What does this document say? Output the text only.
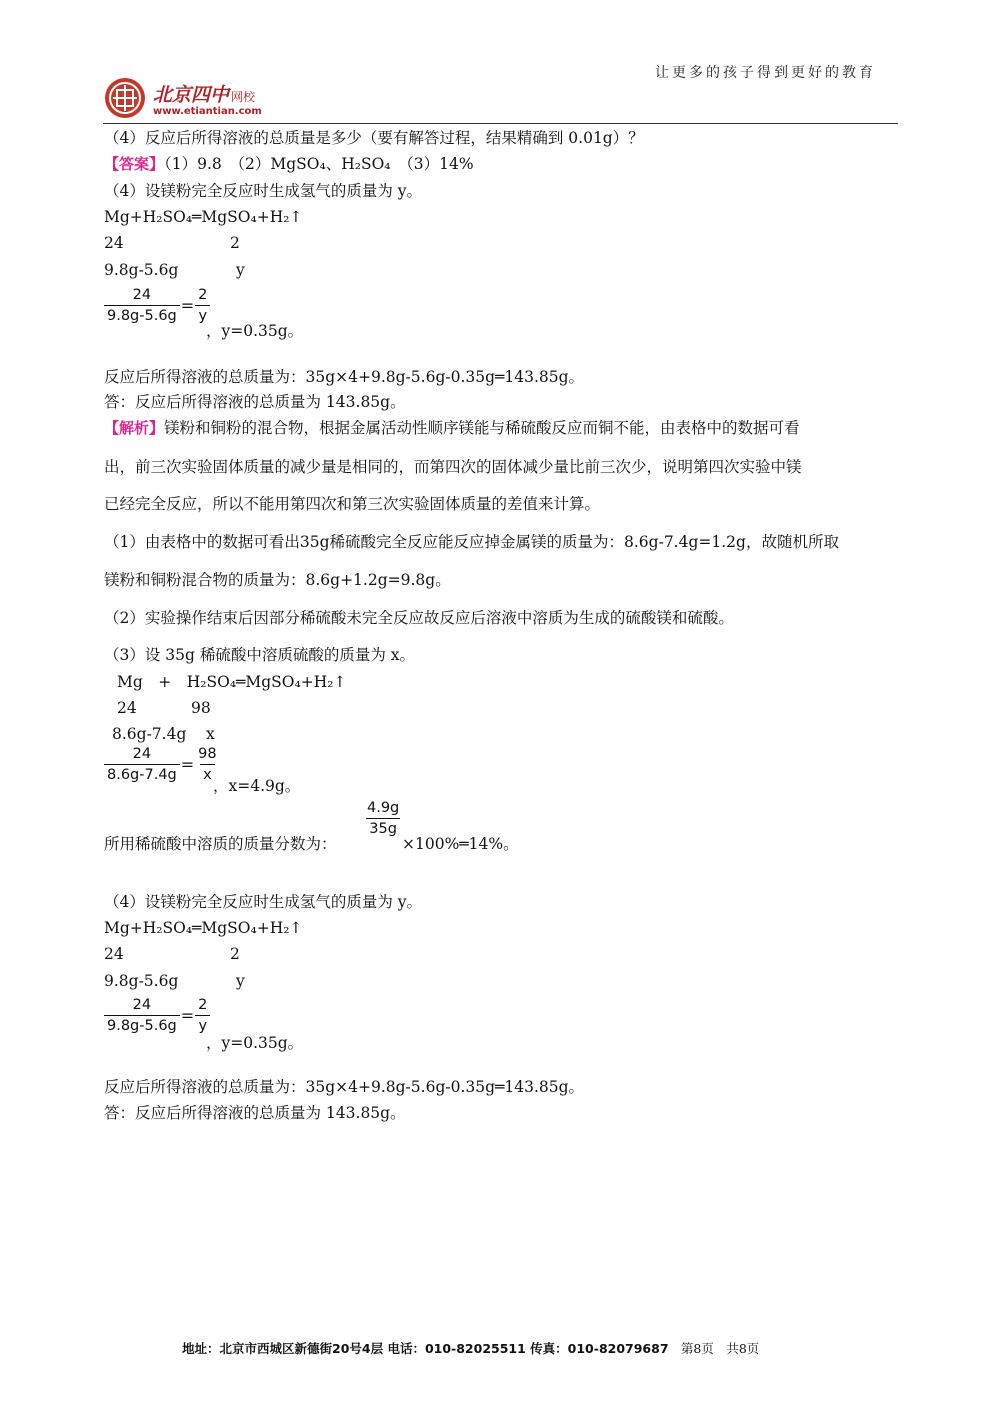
让更多的孩子得到更好的教育
北京四中 网校
www.etiantian.com
（4）反应后所得溶液的总质量是多少（要有解答过程，结果精确到 0.01g）？
【答案】（1）9.8　（2）MgSO₄、H₂SO₄　（3）14%
（4）设镁粉完全反应时生成氢气的质量为 y。
Mg+H₂SO₄═MgSO₄+H₂↑
24	2
9.8g-5.6g	y
$\frac{24}{9.8g-5.6g} = \frac{2}{y}$
，y=0.35g。
反应后所得溶液的总质量为：35g×4+9.8g-5.6g-0.35g═143.85g。
答：反应后所得溶液的总质量为 143.85g。
【解析】镁粉和铜粉的混合物，根据金属活动性顺序镁能与稀硫酸反应而铜不能，由表格中的数据可看
出，前三次实验固体质量的减少量是相同的，而第四次的固体减少量比前三次少，说明第四次实验中镁
已经完全反应，所以不能用第四次和第三次实验固体质量的差值来计算。
（1）由表格中的数据可看出35g稀硫酸完全反应能反应掉金属镁的质量为：8.6g-7.4g=1.2g，故随机所取
镁粉和铜粉混合物的质量为：8.6g+1.2g=9.8g。
（2）实验操作结束后因部分稀硫酸未完全反应故反应后溶液中溶质为生成的硫酸镁和硫酸。
（3）设 35g 稀硫酸中溶质硫酸的质量为 x。
Mg　+　H₂SO₄═MgSO₄+H₂↑
24	98
8.6g-7.4g x
$\frac{24}{8.6g-7.4g} = \frac{98}{x}$
，x=4.9g。
所用稀硫酸中溶质的质量分数为：
$\frac{4.9g}{35g}$
×100%═14%。
（4）设镁粉完全反应时生成氢气的质量为 y。
Mg+H₂SO₄═MgSO₄+H₂↑
24	2
9.8g-5.6g	y
$\frac{24}{9.8g-5.6g} = \frac{2}{y}$
，y=0.35g。
反应后所得溶液的总质量为：35g×4+9.8g-5.6g-0.35g═143.85g。
答：反应后所得溶液的总质量为 143.85g。
地址：北京市西城区新德街20号4层 电话：010-82025511 传真：010-82079687 第8页　共8页
